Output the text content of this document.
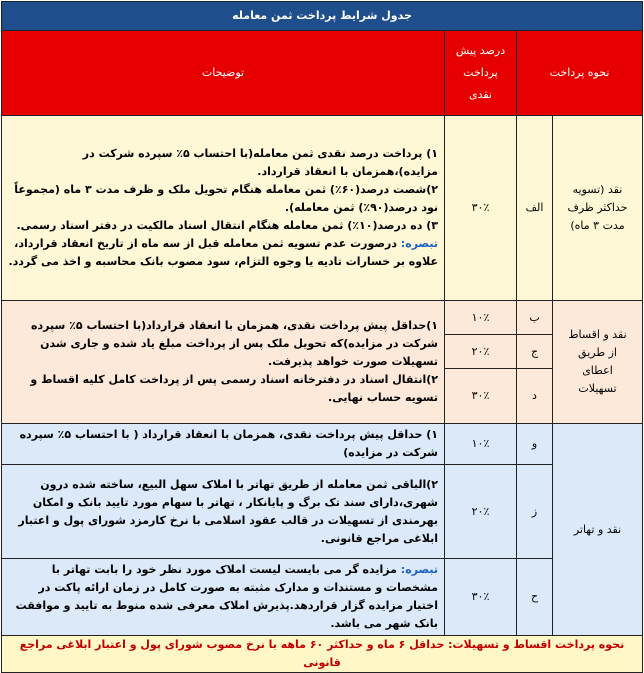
جدول شرایط پرداخت ثمن معامله			
نحوه پرداخت		درصد پیش پرداخت نقدی	توضیحات
نقد (تسویه حداکثر ظرف مدت ۳ ماه)	الف	۳۰٪	۱) پرداخت درصد نقدی ثمن معامله(با احتساب ۵٪ سپرده شرکت در مزایده)،همزمان با انعقاد قرارداد.

۲)شصت درصد(۶۰٪) ثمن معامله هنگام تحویل ملک و ظرف مدت ۳ ماه (مجموعاً نود درصد(۹۰٪) ثمن معامله).

۳) ده درصد(۱۰٪) ثمن معامله هنگام انتقال اسناد مالکیت در دفتر اسناد رسمی.

تبصره: درصورت عدم تسویه ثمن معامله قبل از سه ماه از تاریخ انعقاد قرارداد، علاوه بر خسارات تادیه یا وجوه التزام، سود مصوب بانک محاسبه و اخذ می گردد.

نقد و اقساط از طریق اعطای تسهیلات	ب	۱۰٪	۱)حداقل پیش پرداخت نقدی، همزمان با انعقاد قرارداد(با احتساب ۵٪ سپرده شرکت در مزایده)که تحویل ملک پس از پرداخت مبلغ یاد شده و جاری شدن تسهیلات صورت خواهد پذیرفت.

۲)انتقال اسناد در دفترخانه اسناد رسمی پس از پرداخت کامل کلیه اقساط و تسویه حساب نهایی.

	ج	۲۰٪	
	د	۳۰٪	
نقد و تهاتر	و	۱۰٪	۱) حداقل پیش پرداخت نقدی، همزمان با انعقاد قرارداد ( با احتساب ۵٪ سپرده شرکت در مزایده)
	ز	۲۰٪	۲)الباقی ثمن معامله از طریق تهاتر با املاک سهل البیع، ساخته شده درون شهری،دارای سند تک برگ و پایانکار ، تهاتر با سهام مورد تایید بانک و امکان بهرمندی از تسهیلات در قالب عقود اسلامی با نرخ کارمزد شورای پول و اعتبار ابلاغی مراجع قانونی.
	ح	۳۰٪	تبصره: مزایده گر می بایست لیست املاک مورد نظر خود را بابت تهاتر با مشخصات و مستندات و مدارک مثبته به صورت کامل در زمان ارائه پاکت در اختیار مزایده گزار قراردهد.پذیرش املاک معرفی شده منوط به تایید و موافقت بانک شهر می باشد.
نحوه پرداخت اقساط و تسهیلات: حداقل ۶ ماه و حداکثر ۶۰ ماهه با نرخ مصوب شورای پول و اعتبار ابلاغی مراجع قانونی			
